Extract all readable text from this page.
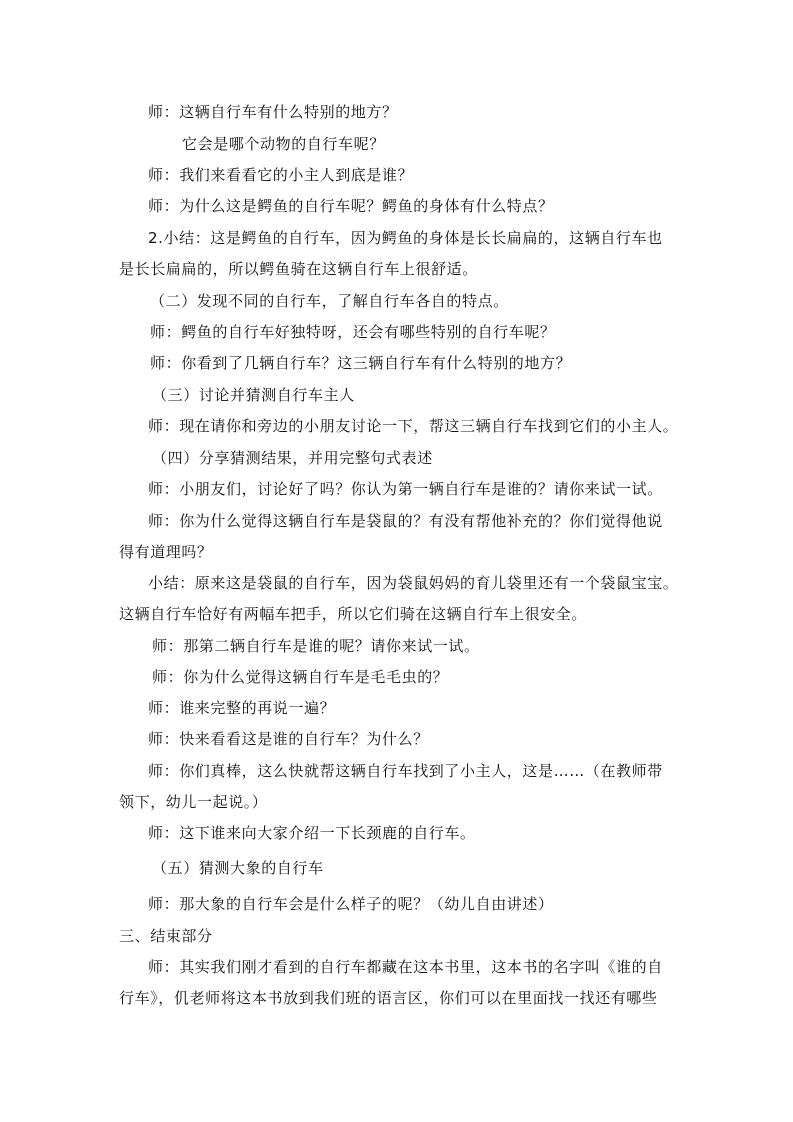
师：这辆自行车有什么特别的地方？
它会是哪个动物的自行车呢？
师：我们来看看它的小主人到底是谁？
师：为什么这是鳄鱼的自行车呢？鳄鱼的身体有什么特点？
2.小结：这是鳄鱼的自行车，因为鳄鱼的身体是长长扁扁的，这辆自行车也
是长长扁扁的，所以鳄鱼骑在这辆自行车上很舒适。
（二）发现不同的自行车，了解自行车各自的特点。
师：鳄鱼的自行车好独特呀，还会有哪些特别的自行车呢？
师：你看到了几辆自行车？这三辆自行车有什么特别的地方？
（三）讨论并猜测自行车主人
师：现在请你和旁边的小朋友讨论一下，帮这三辆自行车找到它们的小主人。
（四）分享猜测结果，并用完整句式表述
师：小朋友们，讨论好了吗？你认为第一辆自行车是谁的？请你来试一试。
师：你为什么觉得这辆自行车是袋鼠的？有没有帮他补充的？你们觉得他说
得有道理吗？
小结：原来这是袋鼠的自行车，因为袋鼠妈妈的育儿袋里还有一个袋鼠宝宝。
这辆自行车恰好有两幅车把手，所以它们骑在这辆自行车上很安全。
师：那第二辆自行车是谁的呢？请你来试一试。
师：你为什么觉得这辆自行车是毛毛虫的？
师：谁来完整的再说一遍？
师：快来看看这是谁的自行车？为什么？
师：你们真棒，这么快就帮这辆自行车找到了小主人，这是……（在教师带
领下，幼儿一起说。）
师：这下谁来向大家介绍一下长颈鹿的自行车。
（五）猜测大象的自行车
师：那大象的自行车会是什么样子的呢？（幼儿自由讲述）
三、结束部分
师：其实我们刚才看到的自行车都藏在这本书里，这本书的名字叫《谁的自
行车》，仉老师将这本书放到我们班的语言区，你们可以在里面找一找还有哪些
